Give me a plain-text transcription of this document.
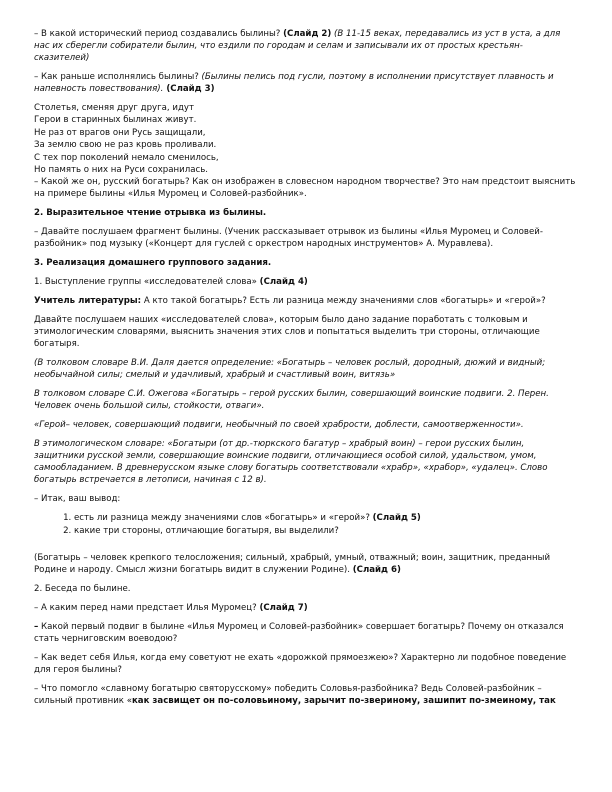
– В какой исторический период создавались былины? (Слайд 2) (В 11-15 веках, передавались из уст в уста, а для нас их сберегли собиратели былин, что ездили по городам и селам и записывали их от простых крестьян-сказителей)

– Как раньше исполнялись былины? (Былины пелись под гусли, поэтому в исполнении присутствует плавность и напевность повествования). (Слайд 3)

Столетья, сменяя друг друга, идут
Герои в старинных былинах живут.
Не раз от врагов они Русь защищали,
За землю свою не раз кровь проливали.
С тех пор поколений немало сменилось,
Но память о них на Руси сохранилась.

– Какой же он, русский богатырь? Как он изображен в словесном народном творчестве? Это нам предстоит выяснить на примере былины «Илья Муромец и Соловей-разбойник».

2. Выразительное чтение отрывка из былины.

– Давайте послушаем фрагмент былины. (Ученик рассказывает отрывок из былины «Илья Муромец и Соловей-разбойник» под музыку («Концерт для гуслей с оркестром народных инструментов» А. Муравлева).

3. Реализация домашнего группового задания.

1. Выступление группы «исследователей слова» (Слайд 4)

Учитель литературы: А кто такой богатырь? Есть ли разница между значениями слов «богатырь» и «герой»?

Давайте послушаем наших «исследователей слова», которым было дано задание поработать с толковым и этимологическим словарями, выяснить значения этих слов и попытаться выделить три стороны, отличающие богатыря.

(В толковом словаре В.И. Даля дается определение: «Богатырь – человек рослый, дородный, дюжий и видный; необычайной силы; смелый и удачливый, храбрый и счастливый воин, витязь»

В толковом словаре С.И. Ожегова «Богатырь – герой русских былин, совершающий воинские подвиги. 2. Перен. Человек очень большой силы, стойкости, отваги».

«Герой– человек, совершающий подвиги, необычный по своей храбрости, доблести, самоотверженности».

В этимологическом словаре: «Богатыри (от др.-тюркского багатур – храбрый воин) – герои русских былин, защитники русской земли, совершающие воинские подвиги, отличающиеся особой силой, удальством, умом, самообладанием. В древнерусском языке слову богатырь соответствовали «храбр», «храбор», «удалец». Слово богатырь встречается в летописи, начиная с 12 в).

– Итак, ваш вывод:

1. есть ли разница между значениями слов «богатырь» и «герой»? (Слайд 5)
2. какие три стороны, отличающие богатыря, вы выделили?

(Богатырь – человек крепкого телосложения; сильный, храбрый, умный, отважный; воин, защитник, преданный Родине и народу. Смысл жизни богатырь видит в служении Родине). (Слайд 6)

2. Беседа по былине.

– А каким перед нами предстает Илья Муромец? (Слайд 7)

– Какой первый подвиг в былине «Илья Муромец и Соловей-разбойник» совершает богатырь? Почему он отказался стать черниговским воеводою?

– Как ведет себя Илья, когда ему советуют не ехать «дорожкой прямоезжею»? Характерно ли подобное поведение для героя былины?

– Что помогло «славному богатырю святорусскому» победить Соловья-разбойника? Ведь Соловей-разбойник – сильный противник «как засвищет он по-соловьиному, зарычит по-звериному, зашипит по-змеиному, так
